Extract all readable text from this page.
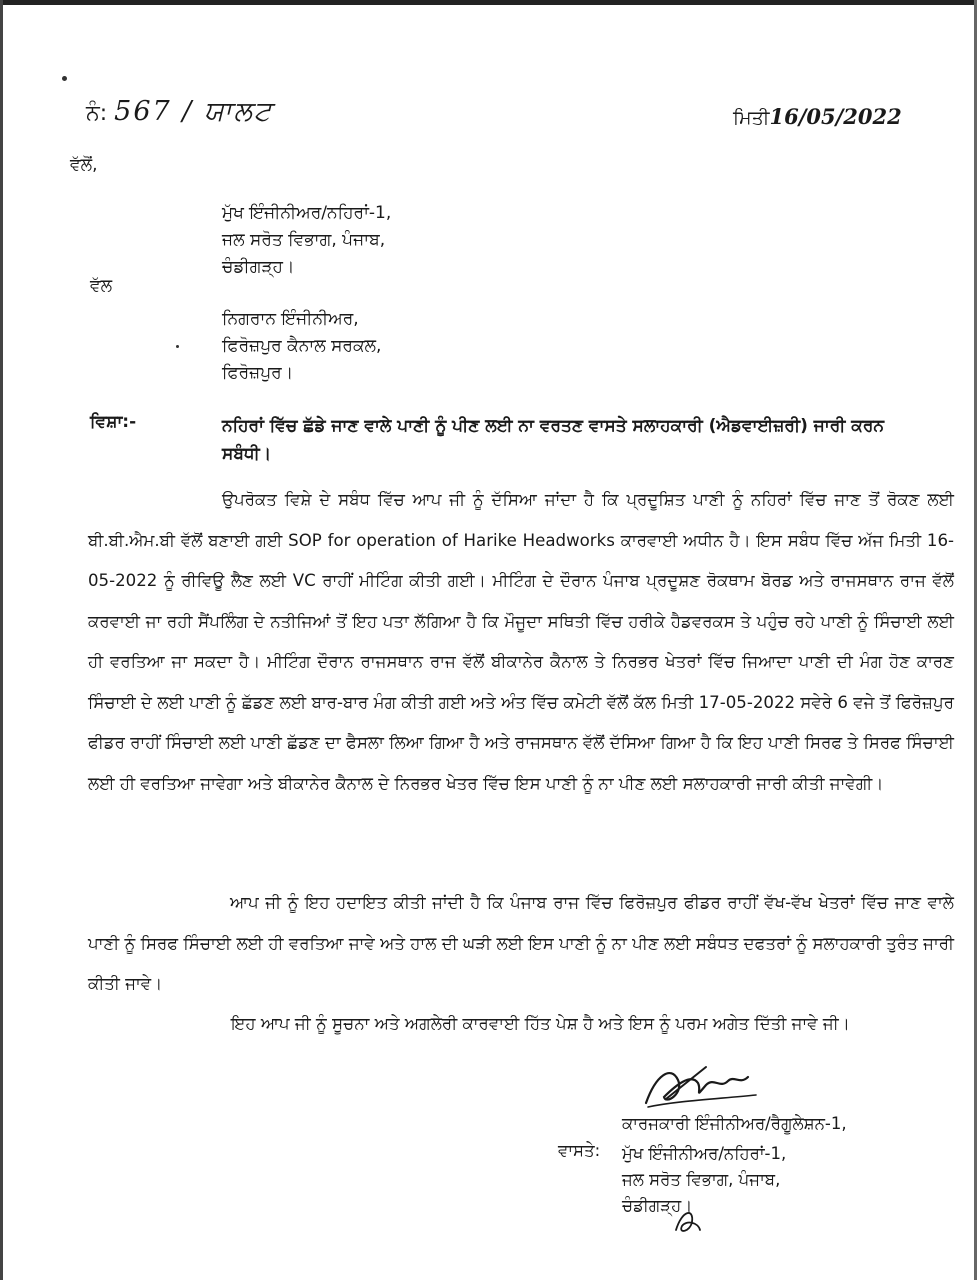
ਨੰ: 567 / ਯਾਲਟ	ਮਿਤੀ16/05/2022
ਵੱਲੋਂ,
ਮੁੱਖ ਇੰਜੀਨੀਅਰ/ਨਹਿਰਾਂ-1,
ਜਲ ਸਰੋਤ ਵਿਭਾਗ, ਪੰਜਾਬ,
ਚੰਡੀਗੜ੍ਹ।
ਵੱਲ
ਨਿਗਰਾਨ ਇੰਜੀਨੀਅਰ,
ਫਿਰੋਜ਼ਪੁਰ ਕੈਨਾਲ ਸਰਕਲ,
ਫਿਰੋਜ਼ਪੁਰ।
ਵਿਸ਼ਾ:-	ਨਹਿਰਾਂ ਵਿੱਚ ਛੱਡੇ ਜਾਣ ਵਾਲੇ ਪਾਣੀ ਨੂੰ ਪੀਣ ਲਈ ਨਾ ਵਰਤਣ ਵਾਸਤੇ ਸਲਾਹਕਾਰੀ (ਐਡਵਾਈਜ਼ਰੀ) ਜਾਰੀ ਕਰਨ ਸਬੰਧੀ।
ਉਪਰੋਕਤ ਵਿਸ਼ੇ ਦੇ ਸਬੰਧ ਵਿੱਚ ਆਪ ਜੀ ਨੂੰ ਦੱਸਿਆ ਜਾਂਦਾ ਹੈ ਕਿ ਪ੍ਰਦੂਸ਼ਿਤ ਪਾਣੀ ਨੂੰ ਨਹਿਰਾਂ ਵਿੱਚ ਜਾਣ ਤੋਂ ਰੋਕਣ ਲਈ ਬੀ.ਬੀ.ਐਮ.ਬੀ ਵੱਲੋਂ ਬਣਾਈ ਗਈ SOP for operation of Harike Headworks ਕਾਰਵਾਈ ਅਧੀਨ ਹੈ। ਇਸ ਸਬੰਧ ਵਿੱਚ ਅੱਜ ਮਿਤੀ 16-05-2022 ਨੂੰ ਰੀਵਿਊ ਲੈਣ ਲਈ VC ਰਾਹੀਂ ਮੀਟਿੰਗ ਕੀਤੀ ਗਈ। ਮੀਟਿੰਗ ਦੇ ਦੌਰਾਨ ਪੰਜਾਬ ਪ੍ਰਦੂਸ਼ਣ ਰੋਕਥਾਮ ਬੋਰਡ ਅਤੇ ਰਾਜਸਥਾਨ ਰਾਜ ਵੱਲੋਂ ਕਰਵਾਈ ਜਾ ਰਹੀ ਸੈਂਪਲਿੰਗ ਦੇ ਨਤੀਜਿਆਂ ਤੋਂ ਇਹ ਪਤਾ ਲੱਗਿਆ ਹੈ ਕਿ ਮੌਜੂਦਾ ਸਥਿਤੀ ਵਿੱਚ ਹਰੀਕੇ ਹੈਡਵਰਕਸ ਤੇ ਪਹੁੰਚ ਰਹੇ ਪਾਣੀ ਨੂੰ ਸਿੰਚਾਈ ਲਈ ਹੀ ਵਰਤਿਆ ਜਾ ਸਕਦਾ ਹੈ। ਮੀਟਿੰਗ ਦੌਰਾਨ ਰਾਜਸਥਾਨ ਰਾਜ ਵੱਲੋਂ ਬੀਕਾਨੇਰ ਕੈਨਾਲ ਤੇ ਨਿਰਭਰ ਖੇਤਰਾਂ ਵਿੱਚ ਜਿਆਦਾ ਪਾਣੀ ਦੀ ਮੰਗ ਹੋਣ ਕਾਰਣ ਸਿੰਚਾਈ ਦੇ ਲਈ ਪਾਣੀ ਨੂੰ ਛੱਡਣ ਲਈ ਬਾਰ-ਬਾਰ ਮੰਗ ਕੀਤੀ ਗਈ ਅਤੇ ਅੰਤ ਵਿੱਚ ਕਮੇਟੀ ਵੱਲੋਂ ਕੱਲ ਮਿਤੀ 17-05-2022 ਸਵੇਰੇ 6 ਵਜੇ ਤੋਂ ਫਿਰੋਜ਼ਪੁਰ ਫੀਡਰ ਰਾਹੀਂ ਸਿੰਚਾਈ ਲਈ ਪਾਣੀ ਛੱਡਣ ਦਾ ਫੈਸਲਾ ਲਿਆ ਗਿਆ ਹੈ ਅਤੇ ਰਾਜਸਥਾਨ ਵੱਲੋਂ ਦੱਸਿਆ ਗਿਆ ਹੈ ਕਿ ਇਹ ਪਾਣੀ ਸਿਰਫ ਤੇ ਸਿਰਫ ਸਿੰਚਾਈ ਲਈ ਹੀ ਵਰਤਿਆ ਜਾਵੇਗਾ ਅਤੇ ਬੀਕਾਨੇਰ ਕੈਨਾਲ ਦੇ ਨਿਰਭਰ ਖੇਤਰ ਵਿੱਚ ਇਸ ਪਾਣੀ ਨੂੰ ਨਾ ਪੀਣ ਲਈ ਸਲਾਹਕਾਰੀ ਜਾਰੀ ਕੀਤੀ ਜਾਵੇਗੀ।
ਆਪ ਜੀ ਨੂੰ ਇਹ ਹਦਾਇਤ ਕੀਤੀ ਜਾਂਦੀ ਹੈ ਕਿ ਪੰਜਾਬ ਰਾਜ ਵਿੱਚ ਫਿਰੋਜ਼ਪੁਰ ਫੀਡਰ ਰਾਹੀਂ ਵੱਖ-ਵੱਖ ਖੇਤਰਾਂ ਵਿੱਚ ਜਾਣ ਵਾਲੇ ਪਾਣੀ ਨੂੰ ਸਿਰਫ ਸਿੰਚਾਈ ਲਈ ਹੀ ਵਰਤਿਆ ਜਾਵੇ ਅਤੇ ਹਾਲ ਦੀ ਘੜੀ ਲਈ ਇਸ ਪਾਣੀ ਨੂੰ ਨਾ ਪੀਣ ਲਈ ਸਬੰਧਤ ਦਫਤਰਾਂ ਨੂੰ ਸਲਾਹਕਾਰੀ ਤੁਰੰਤ ਜਾਰੀ ਕੀਤੀ ਜਾਵੇ।
ਇਹ ਆਪ ਜੀ ਨੂੰ ਸੂਚਨਾ ਅਤੇ ਅਗਲੇਰੀ ਕਾਰਵਾਈ ਹਿੱਤ ਪੇਸ਼ ਹੈ ਅਤੇ ਇਸ ਨੂੰ ਪਰਮ ਅਗੇਤ ਦਿੱਤੀ ਜਾਵੇ ਜੀ।
ਕਾਰਜਕਾਰੀ ਇੰਜੀਨੀਅਰ/ਰੈਗੂਲੇਸ਼ਨ-1,
ਵਾਸਤੇ: ਮੁੱਖ ਇੰਜੀਨੀਅਰ/ਨਹਿਰਾਂ-1,
ਜਲ ਸਰੋਤ ਵਿਭਾਗ, ਪੰਜਾਬ,
ਚੰਡੀਗੜ੍ਹ।
